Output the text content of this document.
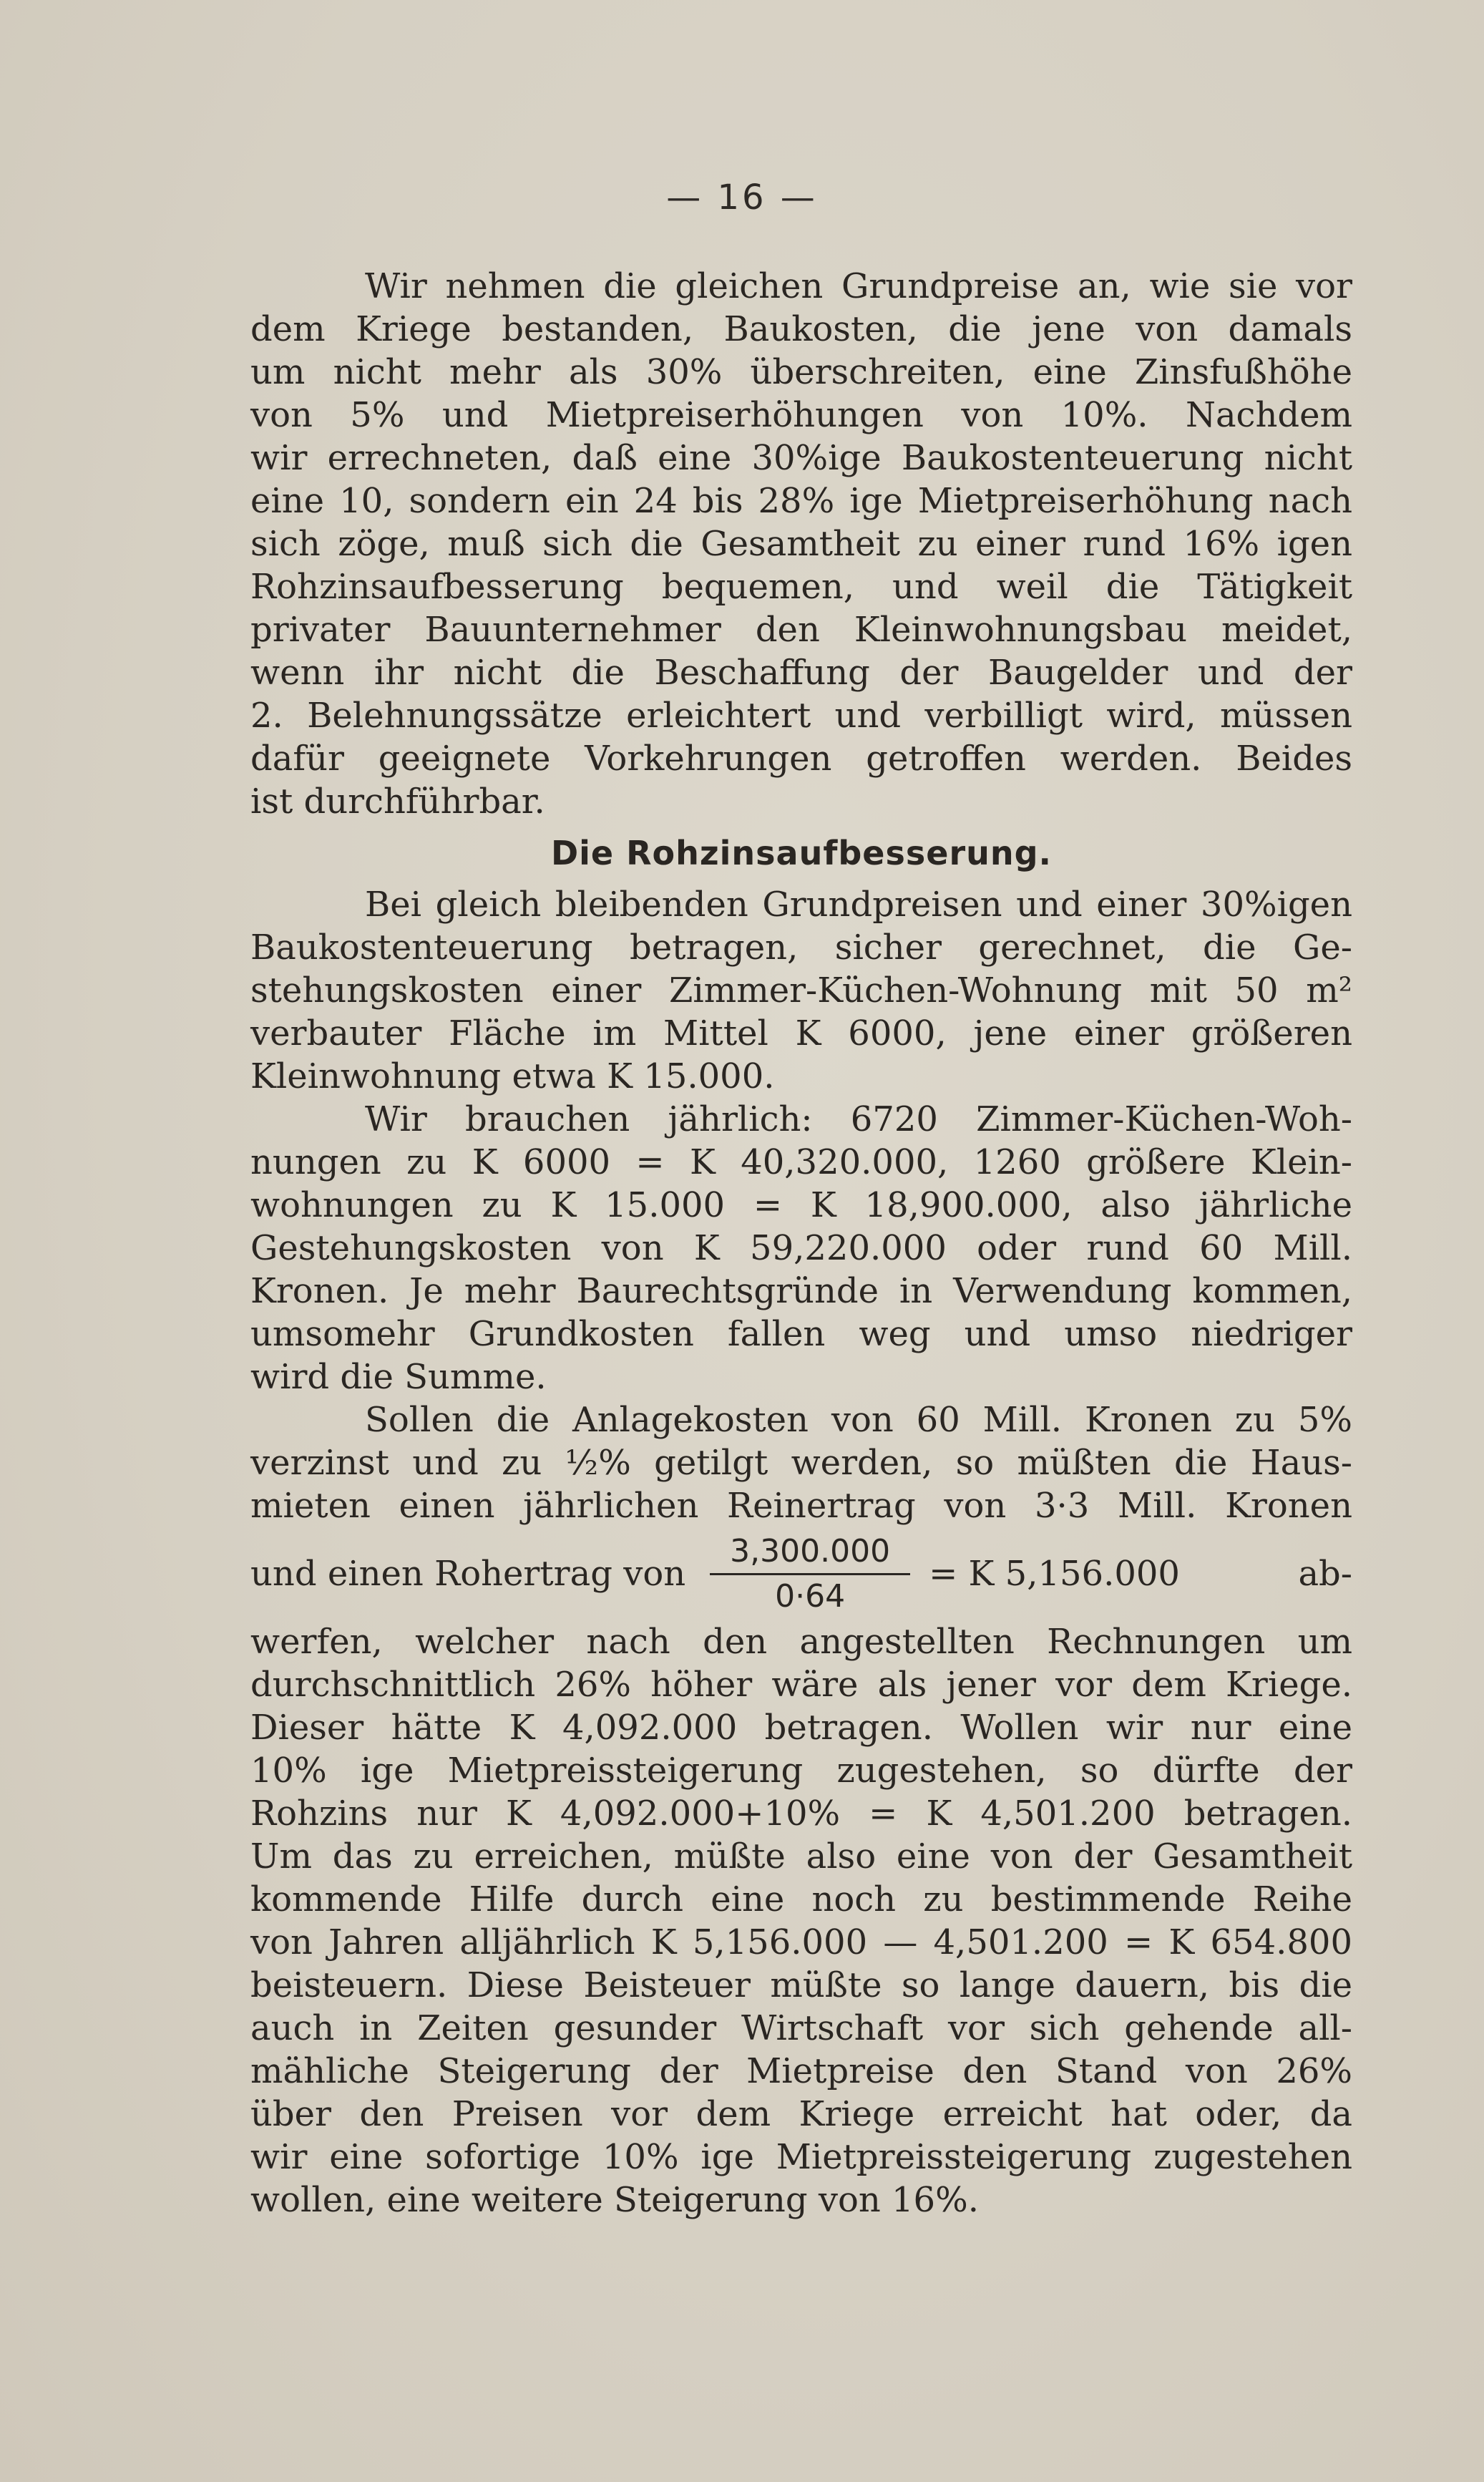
— 16 —
Wir nehmen die gleichen Grundpreise an, wie sie vor
dem Kriege bestanden, Baukosten, die jene von damals
um nicht mehr als 30% überschreiten, eine Zinsfußhöhe
von 5% und Mietpreiserhöhungen von 10%. Nachdem
wir errechneten, daß eine 30%ige Baukostenteuerung nicht
eine 10, sondern ein 24 bis 28% ige Mietpreiserhöhung nach
sich zöge, muß sich die Gesamtheit zu einer rund 16% igen
Rohzinsaufbesserung bequemen, und weil die Tätigkeit
privater Bauunternehmer den Kleinwohnungsbau meidet,
wenn ihr nicht die Beschaffung der Baugelder und der
2. Belehnungssätze erleichtert und verbilligt wird, müssen
dafür geeignete Vorkehrungen getroffen werden. Beides
ist durchführbar.
Die Rohzinsaufbesserung.
Bei gleich bleibenden Grundpreisen und einer 30%igen
Baukostenteuerung betragen, sicher gerechnet, die Ge-
stehungskosten einer Zimmer-Küchen-Wohnung mit 50 m²
verbauter Fläche im Mittel K 6000, jene einer größeren
Kleinwohnung etwa K 15.000.
Wir brauchen jährlich: 6720 Zimmer-Küchen-Woh-
nungen zu K 6000 = K 40,320.000, 1260 größere Klein-
wohnungen zu K 15.000 = K 18,900.000, also jährliche
Gestehungskosten von K 59,220.000 oder rund 60 Mill.
Kronen. Je mehr Baurechtsgründe in Verwendung kommen,
umsomehr Grundkosten fallen weg und umso niedriger
wird die Summe.
Sollen die Anlagekosten von 60 Mill. Kronen zu 5%
verzinst und zu ½% getilgt werden, so müßten die Haus-
mieten einen jährlichen Reinertrag von 3·3 Mill. Kronen
und einen Rohertrag von $\frac{3,300.000}{0\cdot 64} = K$ 5,156.000	ab-
werfen, welcher nach den angestellten Rechnungen um
durchschnittlich 26% höher wäre als jener vor dem Kriege.
Dieser hätte K 4,092.000 betragen. Wollen wir nur eine
10% ige Mietpreissteigerung zugestehen, so dürfte der
Rohzins nur K 4,092.000+10% = K 4,501.200 betragen.
Um das zu erreichen, müßte also eine von der Gesamtheit
kommende Hilfe durch eine noch zu bestimmende Reihe
von Jahren alljährlich K 5,156.000 — 4,501.200 = K 654.800
beisteuern. Diese Beisteuer müßte so lange dauern, bis die
auch in Zeiten gesunder Wirtschaft vor sich gehende all-
mähliche Steigerung der Mietpreise den Stand von 26%
über den Preisen vor dem Kriege erreicht hat oder, da
wir eine sofortige 10% ige Mietpreissteigerung zugestehen
wollen, eine weitere Steigerung von 16%.
